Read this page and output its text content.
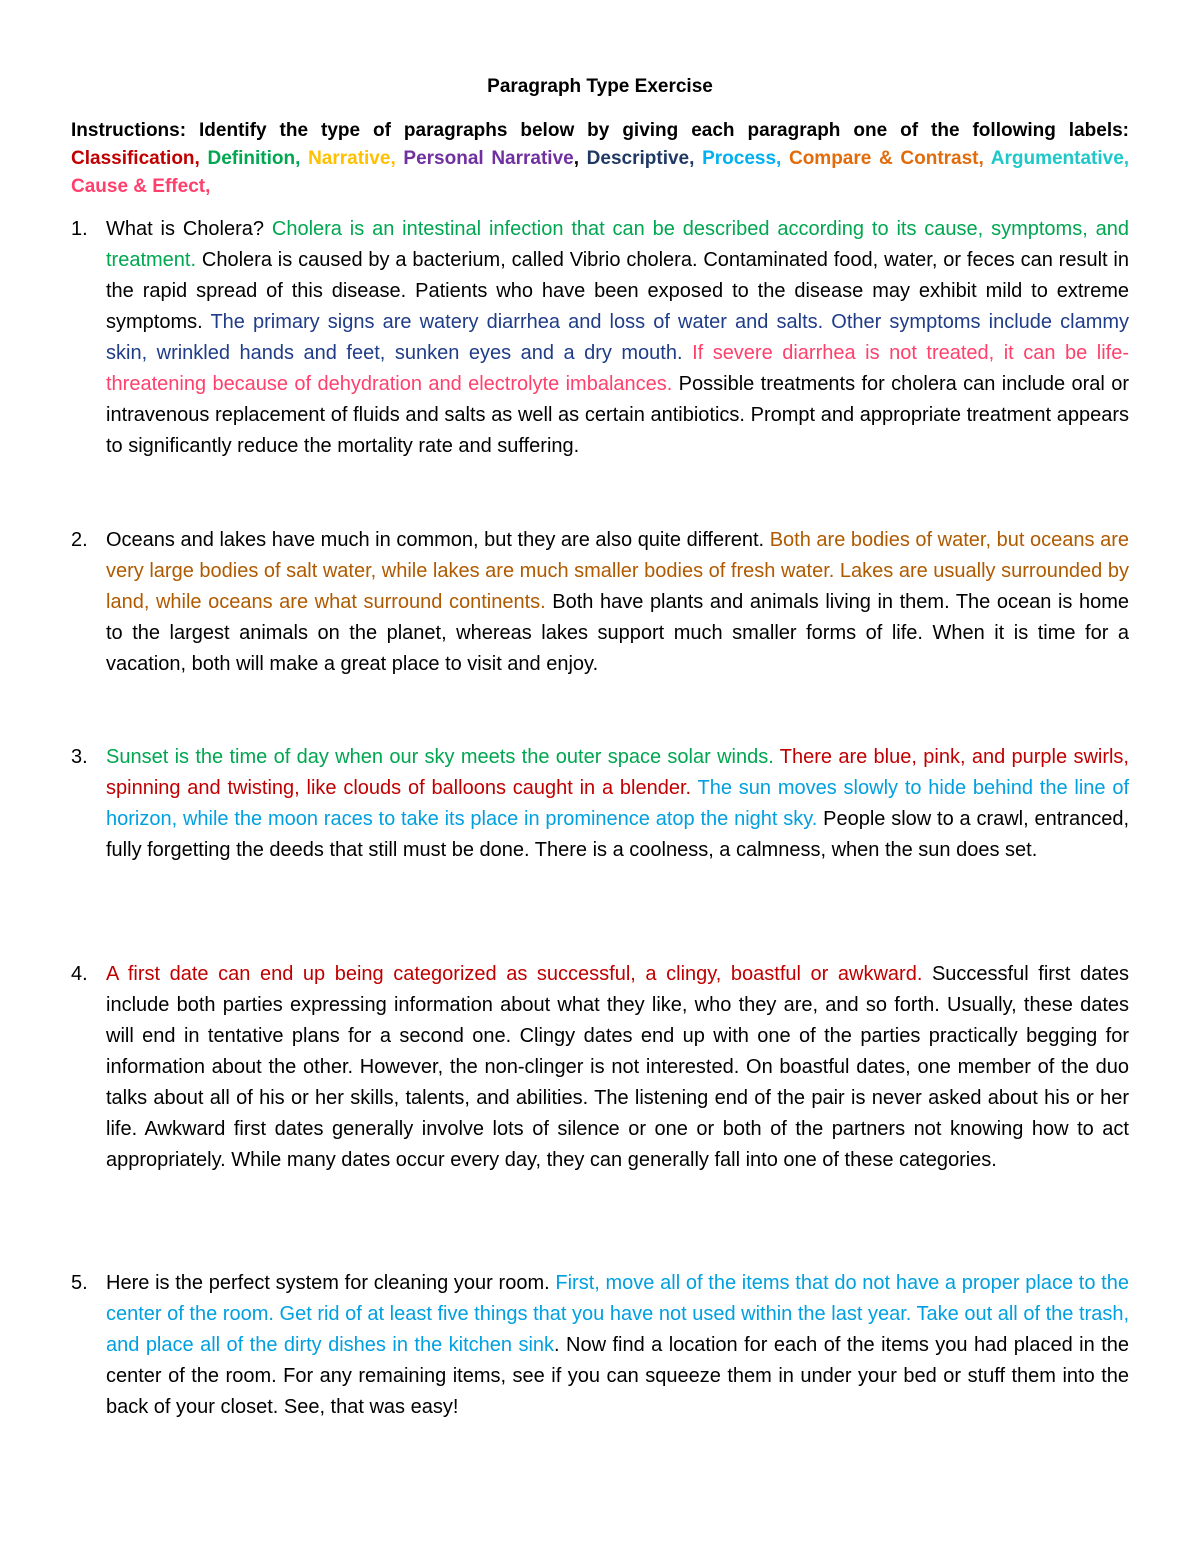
Paragraph Type Exercise
Instructions: Identify the type of paragraphs below by giving each paragraph one of the following labels: Classification, Definition, Narrative, Personal Narrative, Descriptive, Process, Compare & Contrast, Argumentative, Cause & Effect,
1. What is Cholera? Cholera is an intestinal infection that can be described according to its cause, symptoms, and treatment. Cholera is caused by a bacterium, called Vibrio cholera. Contaminated food, water, or feces can result in the rapid spread of this disease. Patients who have been exposed to the disease may exhibit mild to extreme symptoms. The primary signs are watery diarrhea and loss of water and salts. Other symptoms include clammy skin, wrinkled hands and feet, sunken eyes and a dry mouth. If severe diarrhea is not treated, it can be life-threatening because of dehydration and electrolyte imbalances. Possible treatments for cholera can include oral or intravenous replacement of fluids and salts as well as certain antibiotics. Prompt and appropriate treatment appears to significantly reduce the mortality rate and suffering.
2. Oceans and lakes have much in common, but they are also quite different. Both are bodies of water, but oceans are very large bodies of salt water, while lakes are much smaller bodies of fresh water. Lakes are usually surrounded by land, while oceans are what surround continents. Both have plants and animals living in them. The ocean is home to the largest animals on the planet, whereas lakes support much smaller forms of life. When it is time for a vacation, both will make a great place to visit and enjoy.
3. Sunset is the time of day when our sky meets the outer space solar winds. There are blue, pink, and purple swirls, spinning and twisting, like clouds of balloons caught in a blender. The sun moves slowly to hide behind the line of horizon, while the moon races to take its place in prominence atop the night sky. People slow to a crawl, entranced, fully forgetting the deeds that still must be done. There is a coolness, a calmness, when the sun does set.
4. A first date can end up being categorized as successful, a clingy, boastful or awkward. Successful first dates include both parties expressing information about what they like, who they are, and so forth. Usually, these dates will end in tentative plans for a second one. Clingy dates end up with one of the parties practically begging for information about the other. However, the non-clinger is not interested. On boastful dates, one member of the duo talks about all of his or her skills, talents, and abilities. The listening end of the pair is never asked about his or her life. Awkward first dates generally involve lots of silence or one or both of the partners not knowing how to act appropriately. While many dates occur every day, they can generally fall into one of these categories.
5. Here is the perfect system for cleaning your room. First, move all of the items that do not have a proper place to the center of the room. Get rid of at least five things that you have not used within the last year. Take out all of the trash, and place all of the dirty dishes in the kitchen sink. Now find a location for each of the items you had placed in the center of the room. For any remaining items, see if you can squeeze them in under your bed or stuff them into the back of your closet. See, that was easy!
